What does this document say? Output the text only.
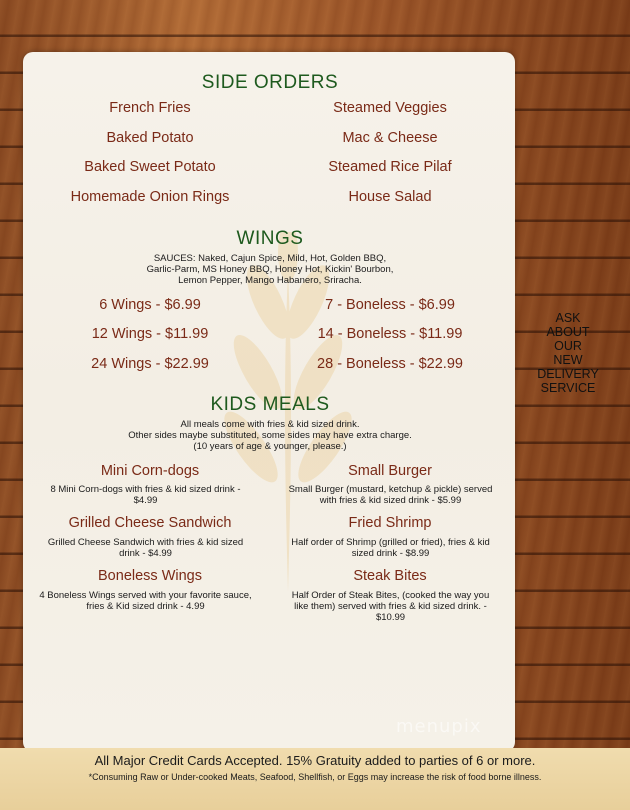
SIDE ORDERS
French Fries
Baked Potato
Baked Sweet Potato
Homemade Onion Rings
Steamed Veggies
Mac & Cheese
Steamed Rice Pilaf
House Salad
WINGS
SAUCES: Naked, Cajun Spice, Mild, Hot, Golden BBQ,
Garlic-Parm, MS Honey BBQ, Honey Hot, Kickin' Bourbon,
Lemon Pepper, Mango Habanero, Sriracha.
6 Wings - $6.99
12 Wings - $11.99
24 Wings - $22.99
7 - Boneless - $6.99
14 - Boneless - $11.99
28 - Boneless - $22.99
KIDS MEALS
All meals come with fries & kid sized drink.
Other sides maybe substituted, some sides may have extra charge.
(10 years of age & younger, please.)
Mini Corn-dogs
8 Mini Corn-dogs with fries & kid sized drink -
$4.99
Small Burger
Small Burger (mustard, ketchup & pickle) served
with fries & kid sized drink - $5.99
Grilled Cheese Sandwich
Grilled Cheese Sandwich with fries & kid sized
drink - $4.99
Fried Shrimp
Half order of Shrimp (grilled or fried), fries & kid
sized drink - $8.99
Boneless Wings
4 Boneless Wings served with your favorite sauce,
fries & Kid sized drink - 4.99
Steak Bites
Half Order of Steak Bites, (cooked the way you
like them) served with fries & kid sized drink. -
$10.99
ASK
ABOUT
OUR
NEW
DELIVERY
SERVICE
menupix
All Major Credit Cards Accepted. 15% Gratuity added to parties of 6 or more.
*Consuming Raw or Under-cooked Meats, Seafood, Shellfish, or Eggs may increase the risk of food borne illness.
